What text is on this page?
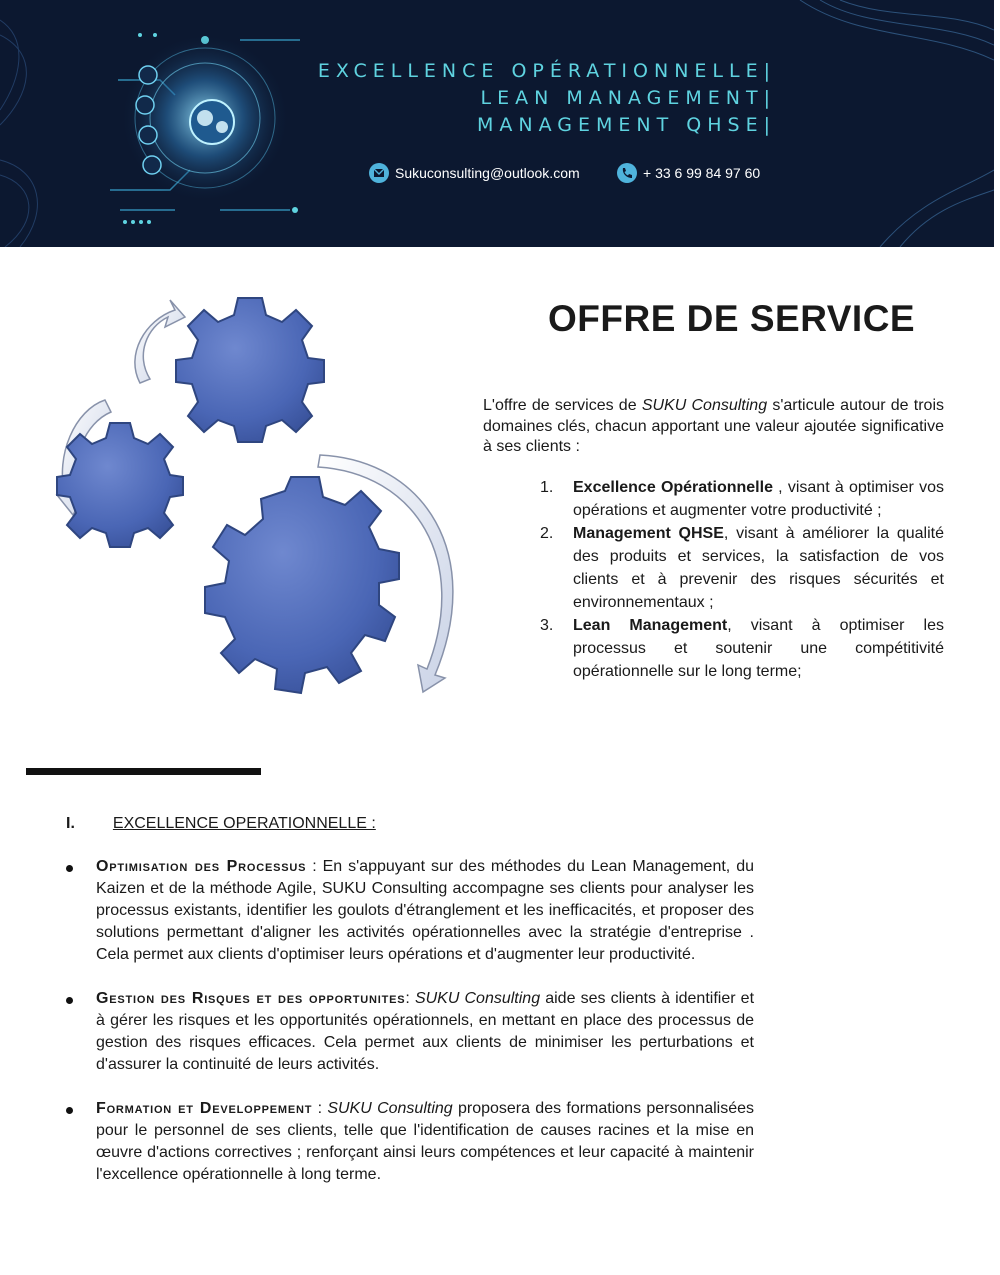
EXCELLENCE OPÉRATIONNELLE|
LEAN MANAGEMENT|
MANAGEMENT QHSE|
Sukuconsulting@outlook.com	+ 33 6 99 84 97 60
OFFRE DE SERVICE
L'offre de services de SUKU Consulting s'articule autour de trois domaines clés, chacun apportant une valeur ajoutée significative à ses clients :
1. Excellence Opérationnelle , visant à optimiser vos opérations et augmenter votre productivité ;
2. Management QHSE, visant à améliorer la qualité des produits et services, la satisfaction de vos clients et à prevenir des risques sécurités et environnementaux ;
3. Lean Management, visant à optimiser les processus et soutenir une compétitivité opérationnelle sur le long terme;
I. EXCELLENCE OPERATIONNELLE :
Optimisation des Processus : En s'appuyant sur des méthodes du Lean Management, du Kaizen et de la méthode Agile, SUKU Consulting accompagne ses clients pour analyser les processus existants, identifier les goulots d'étranglement et les inefficacités, et proposer des solutions permettant d'aligner les activités opérationnelles avec la stratégie d'entreprise . Cela permet aux clients d'optimiser leurs opérations et d'augmenter leur productivité.
Gestion des Risques et des opportunites: SUKU Consulting aide ses clients à identifier et à gérer les risques et les opportunités opérationnels, en mettant en place des processus de gestion des risques efficaces. Cela permet aux clients de minimiser les perturbations et d'assurer la continuité de leurs activités.
Formation et Developpement : SUKU Consulting proposera des formations personnalisées pour le personnel de ses clients, telle que l'identification de causes racines et la mise en œuvre d'actions correctives ; renforçant ainsi leurs compétences et leur capacité à maintenir l'excellence opérationnelle à long terme.
